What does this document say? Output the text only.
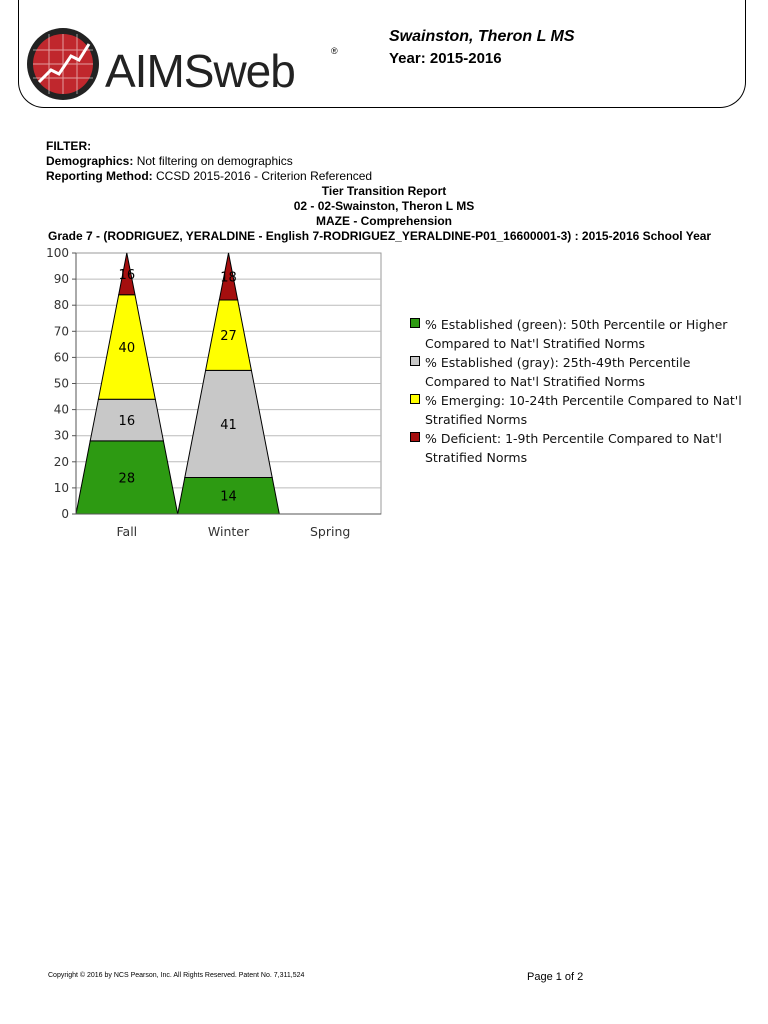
AIMSweb	®
Swainston, Theron L MS
Year: 2015-2016
FILTER:
Demographics: Not filtering on demographics
Reporting Method: CCSD 2015-2016 - Criterion Referenced
Tier Transition Report
02 - 02-Swainston, Theron L MS
MAZE - Comprehension
Grade 7 - (RODRIGUEZ, YERALDINE - English 7-RODRIGUEZ_YERALDINE-P01_16600001-3) : 2015-2016 School Year
28
16
40
16
14
41
27
18
0
10
20
30
40
50
60
70
80
90
100
Fall	Winter	Spring
% Established (green): 50th Percentile or Higher Compared to Nat'l Stratified Norms
% Established (gray): 25th-49th Percentile Compared to Nat'l Stratified Norms
% Emerging: 10-24th Percentile Compared to Nat'l Stratified Norms
% Deficient: 1-9th Percentile Compared to Nat'l Stratified Norms
Copyright © 2016 by NCS Pearson, Inc. All Rights Reserved. Patent No. 7,311,524	Page 1 of 2
